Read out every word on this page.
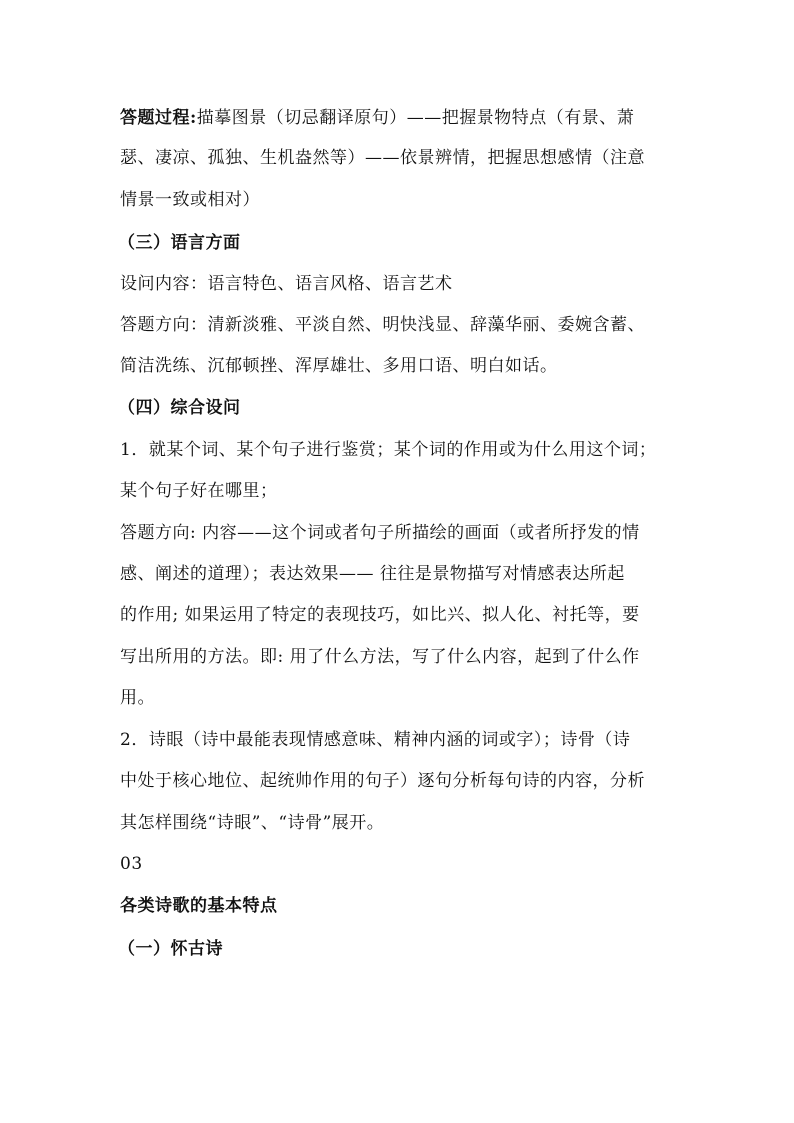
答题过程:描摹图景（切忌翻译原句）——把握景物特点（有景、萧
瑟、凄凉、孤独、生机盎然等）——依景辨情，把握思想感情（注意
情景一致或相对）
（三）语言方面
设问内容：语言特色、语言风格、语言艺术
答题方向：清新淡雅、平淡自然、明快浅显、辞藻华丽、委婉含蓄、
简洁洗练、沉郁顿挫、浑厚雄壮、多用口语、明白如话。
（四）综合设问
1．就某个词、某个句子进行鉴赏；某个词的作用或为什么用这个词；
某个句子好在哪里；
答题方向: 内容——这个词或者句子所描绘的画面（或者所抒发的情
感、阐述的道理）；表达效果—— 往往是景物描写对情感表达所起
的作用; 如果运用了特定的表现技巧，如比兴、拟人化、衬托等，要
写出所用的方法。即: 用了什么方法，写了什么内容，起到了什么作
用。
2．诗眼（诗中最能表现情感意味、精神内涵的词或字）；诗骨（诗
中处于核心地位、起统帅作用的句子）逐句分析每句诗的内容，分析
其怎样围绕“诗眼”、“诗骨”展开。
03
各类诗歌的基本特点
（一）怀古诗
